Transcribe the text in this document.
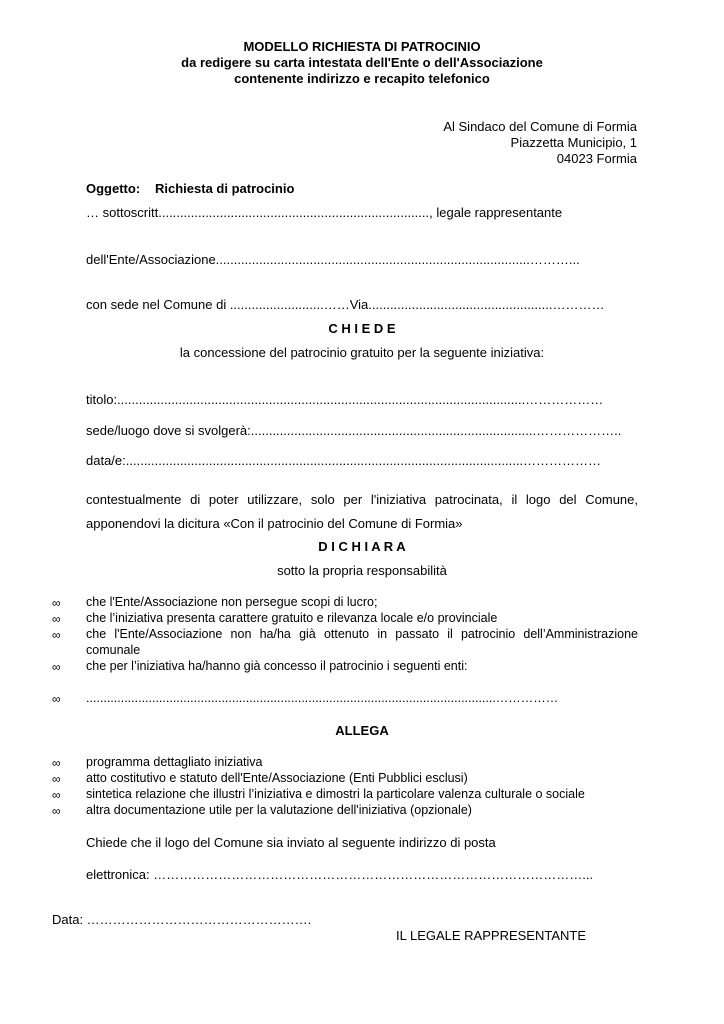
MODELLO RICHIESTA DI PATROCINIO
da redigere su carta intestata dell'Ente o dell'Associazione
contenente indirizzo e recapito telefonico
Al Sindaco del Comune di Formia
Piazzetta Municipio, 1
04023 Formia
Oggetto: Richiesta di patrocinio
… sottoscritt..........................................................................., legale rappresentante
dell'Ente/Associazione.......................................................................................………...
con sede nel Comune di ..........................……Via...................................................…………
C H I E D E
la concessione del patrocinio gratuito per la seguente iniziativa:
titolo:.................................................................................................................………………
sede/luogo dove si svolgerà:...............................................................................………………..
data/e:..............................................................................................................………………
contestualmente di poter utilizzare, solo per l'iniziativa patrocinata, il logo del Comune,
apponendovi la dicitura «Con il patrocinio del Comune di Formia»
D I C H I A R A
sotto la propria responsabilità
∞ che l'Ente/Associazione non persegue scopi di lucro;
∞ che l’iniziativa presenta carattere gratuito e rilevanza locale e/o provinciale
∞ che l'Ente/Associazione non ha/ha già ottenuto in passato il patrocinio dell’Amministrazione
comunale
∞ che per l’iniziativa ha/hanno già concesso il patrocinio i seguenti enti:
∞ ......................................................................................................................……………
ALLEGA
∞ programma dettagliato iniziativa
∞ atto costitutivo e statuto dell'Ente/Associazione (Enti Pubblici esclusi)
∞ sintetica relazione che illustri l’iniziativa e dimostri la particolare valenza culturale o sociale
∞ altra documentazione utile per la valutazione dell'iniziativa (opzionale)
Chiede che il logo del Comune sia inviato al seguente indirizzo di posta
elettronica: ………………………………………………………………………………………...
Data: …………………………………………….
IL LEGALE RAPPRESENTANTE
